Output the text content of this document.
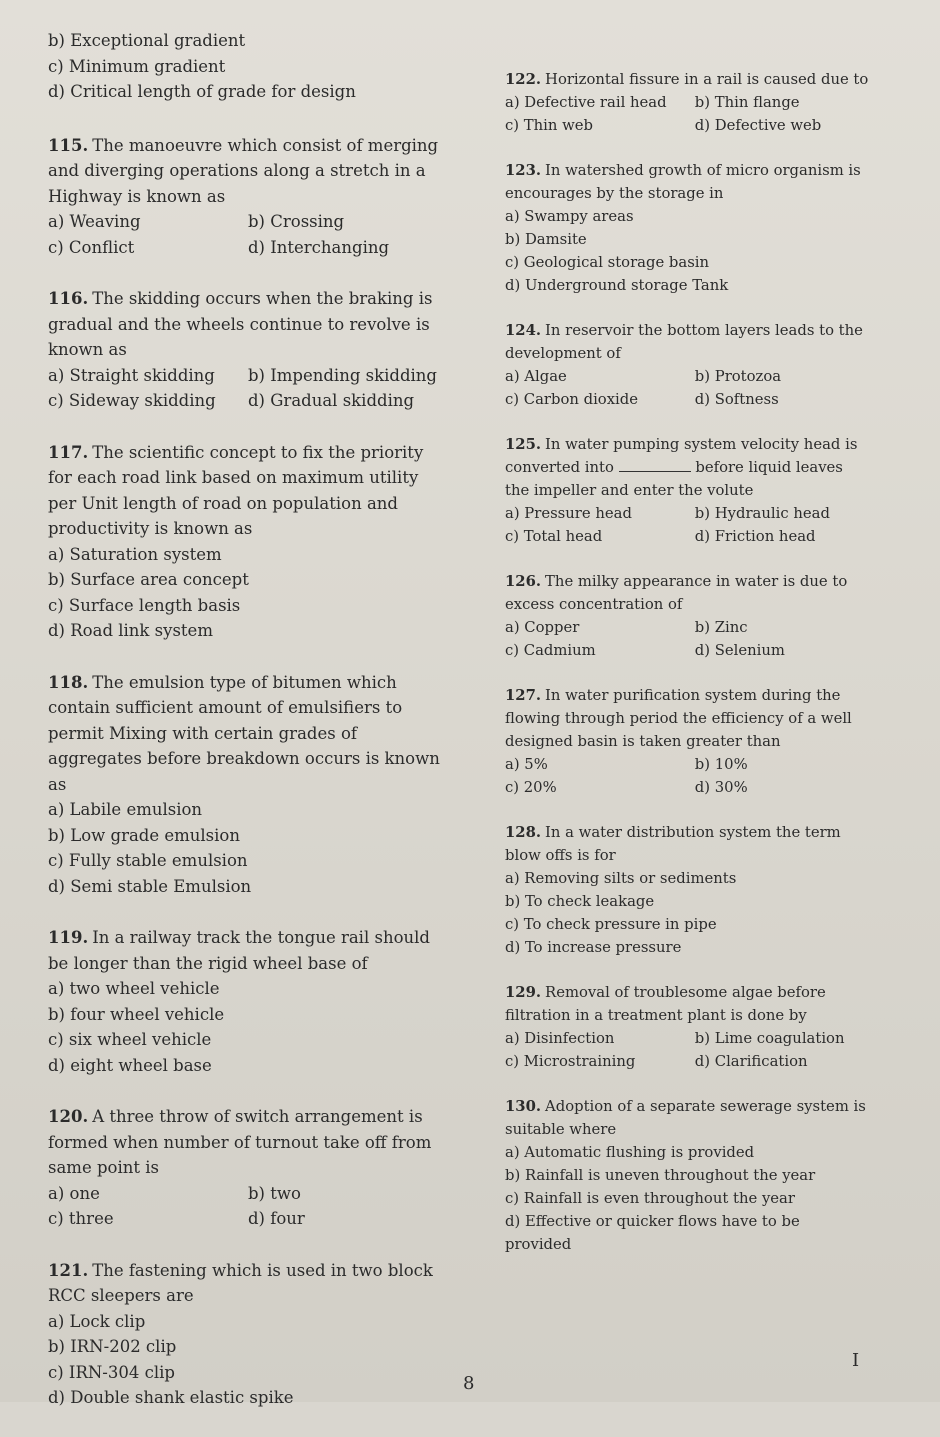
b) Exceptional gradient
c) Minimum gradient
d) Critical length of grade for design
115. The manoeuvre which consist of merging and diverging operations along a stretch in a Highway is known as
a) Weaving	b) Crossing
c) Conflict	d) Interchanging
116. The skidding occurs when the braking is gradual and the wheels continue to revolve is known as
a) Straight skidding	b) Impending skidding
c) Sideway skidding	d) Gradual skidding
117. The scientific concept to fix the priority for each road link based on maximum utility per Unit length of road on population and productivity is known as
a) Saturation system
b) Surface area concept
c) Surface length basis
d) Road link system
118. The emulsion type of bitumen which contain sufficient amount of emulsifiers to permit Mixing with certain grades of aggregates before breakdown occurs is known as
a) Labile emulsion
b) Low grade emulsion
c) Fully stable emulsion
d) Semi stable Emulsion
119. In a railway track the tongue rail should be longer than the rigid wheel base of
a) two wheel vehicle
b) four wheel vehicle
c) six wheel vehicle
d) eight wheel base
120. A three throw of switch arrangement is formed when number of turnout take off from same point is
a) one	b) two
c) three	d) four
121. The fastening which is used in two block RCC sleepers are
a) Lock clip
b) IRN-202 clip
c) IRN-304 clip
d) Double shank elastic spike
122. Horizontal fissure in a rail is caused due to
a) Defective rail head	b) Thin flange
c) Thin web	d) Defective web
123. In watershed growth of micro organism is encourages by the storage in
a) Swampy areas
b) Damsite
c) Geological storage basin
d) Underground storage Tank
124. In reservoir the bottom layers leads to the development of
a) Algae	b) Protozoa
c) Carbon dioxide	d) Softness
125. In water pumping system velocity head is converted into	before liquid leaves the impeller and enter the volute
a) Pressure head	b) Hydraulic head
c) Total head	d) Friction head
126. The milky appearance in water is due to excess concentration of
a) Copper	b) Zinc
c) Cadmium	d) Selenium
127. In water purification system during the flowing through period the efficiency of a well designed basin is taken greater than
a) 5%	b) 10%
c) 20%	d) 30%
128. In a water distribution system the term blow offs is for
a) Removing silts or sediments
b) To check leakage
c) To check pressure in pipe
d) To increase pressure
129. Removal of troublesome algae before filtration in a treatment plant is done by
a) Disinfection	b) Lime coagulation
c) Microstraining	d) Clarification
130. Adoption of a separate sewerage system is suitable where
a) Automatic flushing is provided
b) Rainfall is uneven throughout the year
c) Rainfall is even throughout the year
d) Effective or quicker flows have to be provided
8
I
